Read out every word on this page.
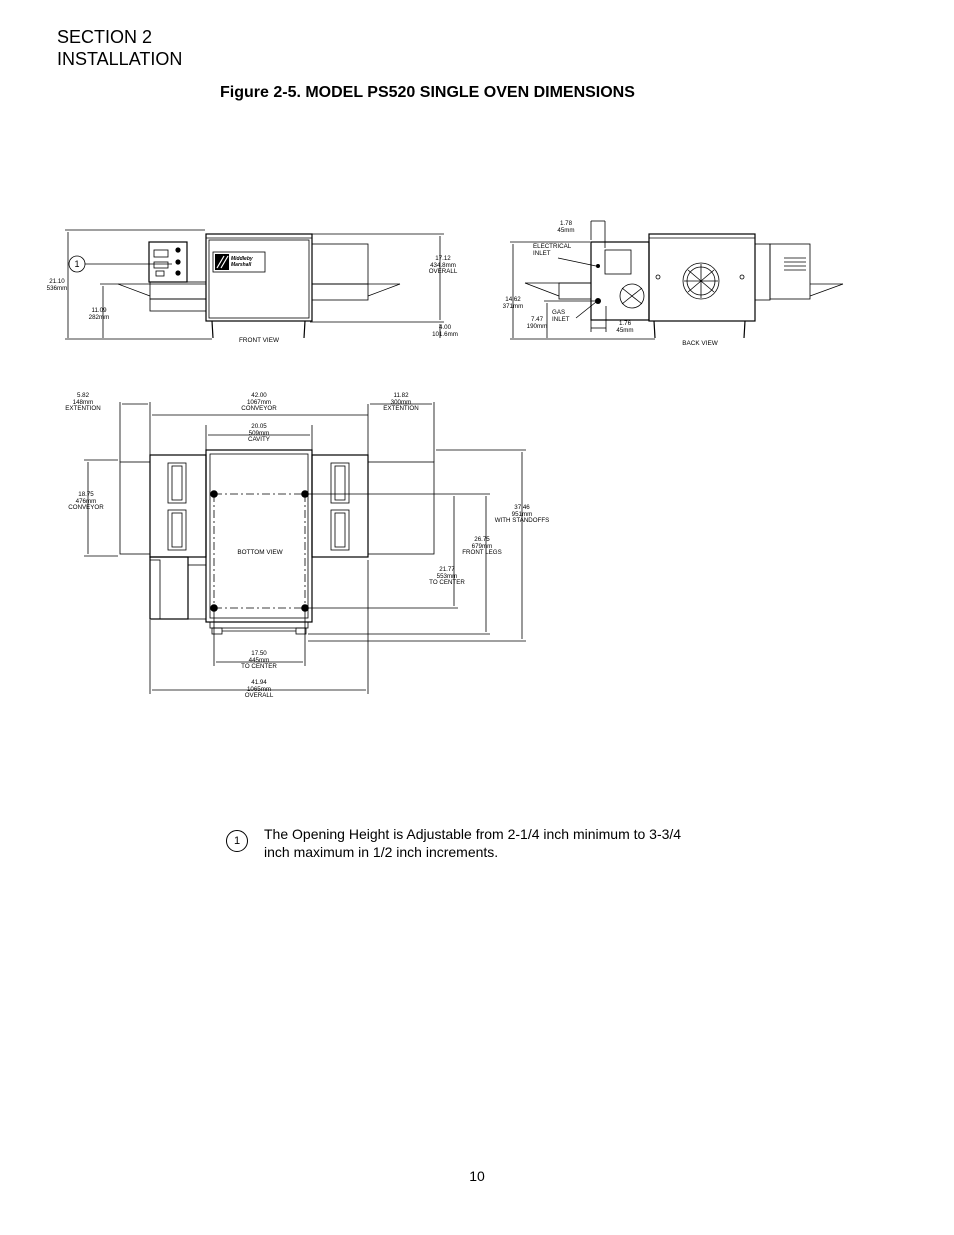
SECTION 2
INSTALLATION
Figure 2-5. MODEL PS520 SINGLE OVEN DIMENSIONS
21.10
536mm
11.09
282mm
17.12
434.8mm
OVERALL
4.00
101.6mm
FRONT VIEW
1	Middleby Marshall
1.78
45mm
ELECTRICAL
INLET
14.62
371mm
7.47
190mm
GAS
INLET
1.76
45mm
BACK VIEW
5.82
148mm
EXTENTION
42.00
1067mm
CONVEYOR
11.82
300mm
EXTENTION
20.05
509mm
CAVITY
18.75
476mm
CONVEYOR	37.46
951mm
WITH STANDOFFS
26.75
679mm
FRONT LEGS
21.77
553mm
TO CENTER
17.50
445mm
TO CENTER
41.94
1065mm
OVERALL
BOTTOM VIEW
1	The Opening Height is Adjustable from 2-1/4 inch minimum to 3-3/4 inch maximum in 1/2 inch increments.
10
